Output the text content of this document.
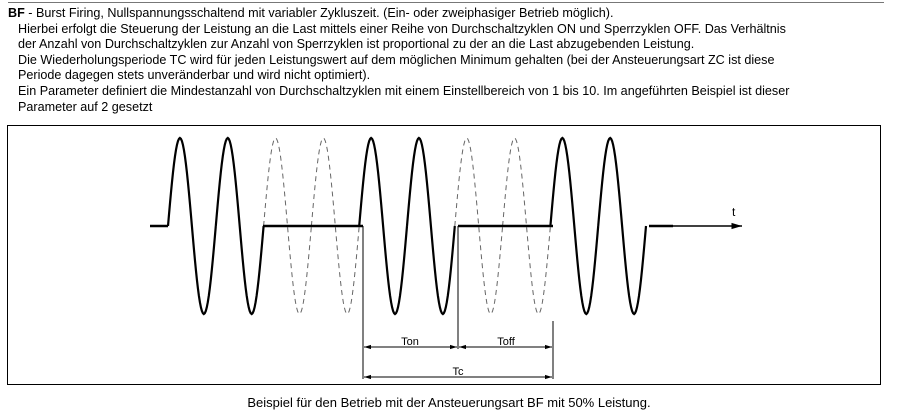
BF - Burst Firing, Nullspannungsschaltend mit variabler Zykluszeit. (Ein- oder zweiphasiger Betrieb möglich).
Hierbei erfolgt die Steuerung der Leistung an die Last mittels einer Reihe von Durchschaltzyklen ON und Sperrzyklen OFF. Das Verhältnis
der Anzahl von Durchschaltzyklen zur Anzahl von Sperrzyklen ist proportional zu der an die Last abzugebenden Leistung.
Die Wiederholungsperiode TC wird für jeden Leistungswert auf dem möglichen Minimum gehalten (bei der Ansteuerungsart ZC ist diese
Periode dagegen stets unveränderbar und wird nicht optimiert).
Ein Parameter definiert die Mindestanzahl von Durchschaltzyklen mit einem Einstellbereich von 1 bis 10. Im angeführten Beispiel ist dieser
Parameter auf 2 gesetzt
t
Ton	Toff
Tc
Beispiel für den Betrieb mit der Ansteuerungsart BF mit 50% Leistung.
